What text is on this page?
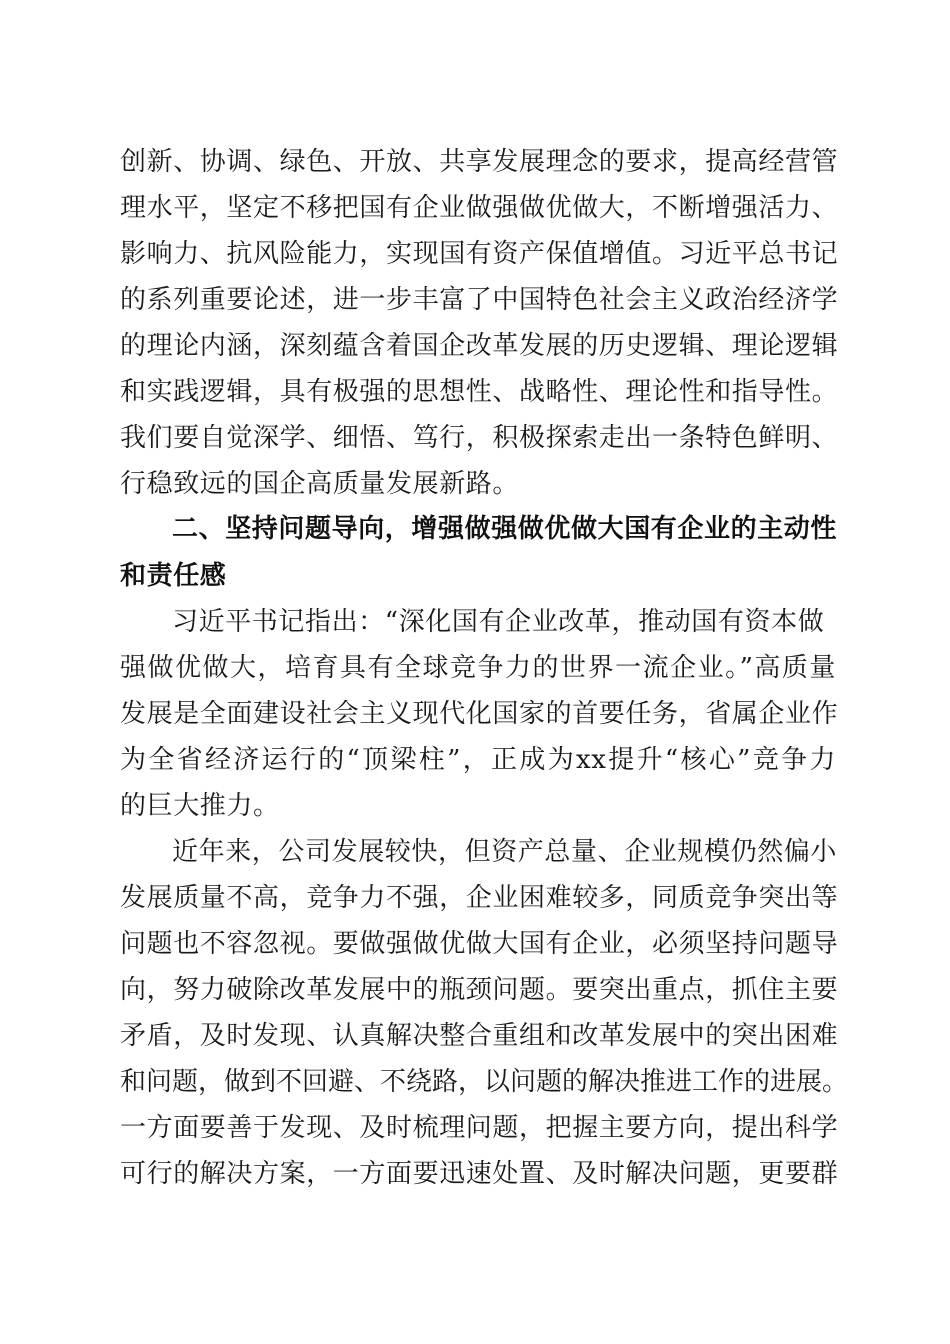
创新、协调、绿色、开放、共享发展理念的要求，提高经营管
理水平，坚定不移把国有企业做强做优做大，不断增强活力、
影响力、抗风险能力，实现国有资产保值增值。习近平总书记
的系列重要论述，进一步丰富了中国特色社会主义政治经济学
的理论内涵，深刻蕴含着国企改革发展的历史逻辑、理论逻辑
和实践逻辑，具有极强的思想性、战略性、理论性和指导性。
我们要自觉深学、细悟、笃行，积极探索走出一条特色鲜明、
行稳致远的国企高质量发展新路。
二、坚持问题导向，增强做强做优做大国有企业的主动性
和责任感
习近平书记指出：“深化国有企业改革，推动国有资本做
强做优做大，培育具有全球竞争力的世界一流企业。”高质量
发展是全面建设社会主义现代化国家的首要任务，省属企业作
为全省经济运行的“顶梁柱”，正成为xx提升“核心”竞争力
的巨大推力。
近年来，公司发展较快，但资产总量、企业规模仍然偏小
发展质量不高，竞争力不强，企业困难较多，同质竞争突出等
问题也不容忽视。要做强做优做大国有企业，必须坚持问题导
向，努力破除改革发展中的瓶颈问题。要突出重点，抓住主要
矛盾，及时发现、认真解决整合重组和改革发展中的突出困难
和问题，做到不回避、不绕路，以问题的解决推进工作的进展。
一方面要善于发现、及时梳理问题，把握主要方向，提出科学
可行的解决方案，一方面要迅速处置、及时解决问题，更要群
